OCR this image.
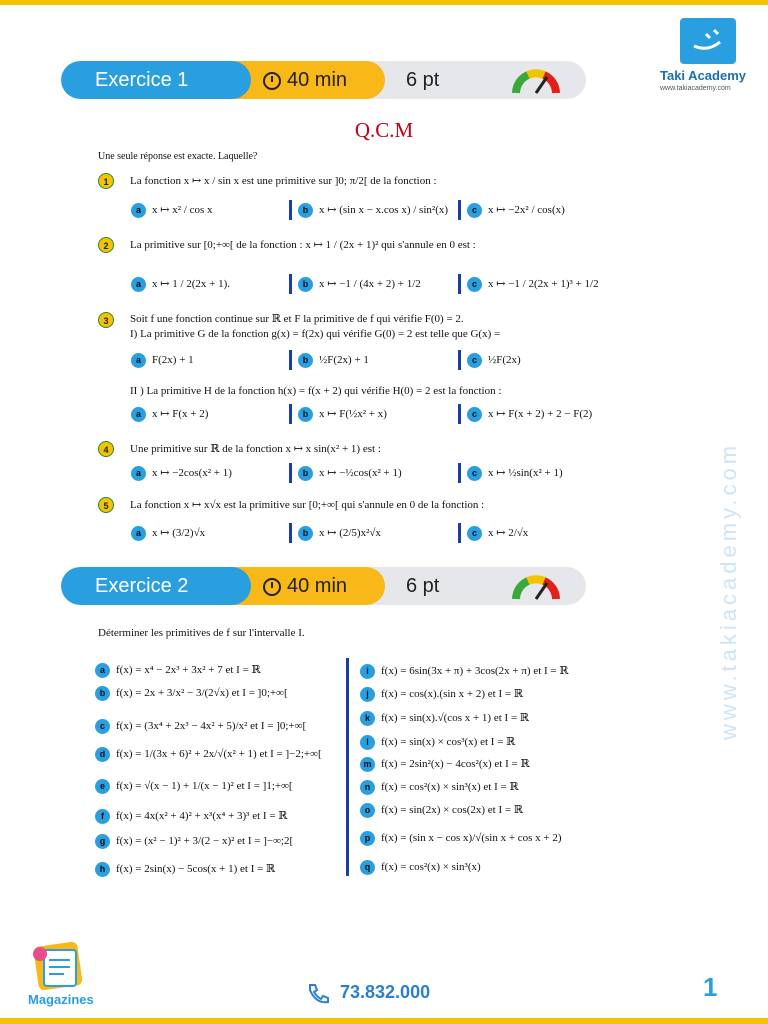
Taki Academy
www.takiacademy.com
Exercice 1	40 min	6 pt
Q.C.M
Une seule réponse est exacte. Laquelle?
1	La fonction x ↦ x / sin x est une primitive sur ]0; π/2[ de la fonction :
a x ↦ x² / cos x	b x ↦ (sin x − x.cos x) / sin²(x)	c x ↦ −2x² / cos(x)
2	La primitive sur [0;+∞[ de la fonction : x ↦ 1 / (2x + 1)² qui s'annule en 0 est :
a x ↦ 1 / 2(2x + 1).	b x ↦ −1 / (4x + 2) + 1/2	c x ↦ −1 / 2(2x + 1)³ + 1/2
3	Soit f une fonction continue sur ℝ et F la primitive de f qui vérifie F(0) = 2.
I) La primitive G de la fonction g(x) = f(2x) qui vérifie G(0) = 2 est telle que G(x) =
a F(2x) + 1	b ½F(2x) + 1	c ½F(2x)
II ) La primitive H de la fonction h(x) = f(x + 2) qui vérifie H(0) = 2 est la fonction :
a x ↦ F(x + 2)	b x ↦ F(½x² + x)	c x ↦ F(x + 2) + 2 − F(2)
4	Une primitive sur ℝ de la fonction x ↦ x sin(x² + 1) est :
a x ↦ −2cos(x² + 1)	b x ↦ −½cos(x² + 1)	c x ↦ ½sin(x² + 1)
5	La fonction x ↦ x√x est la primitive sur [0;+∞[ qui s'annule en 0 de la fonction :
a x ↦ (3/2)√x	b x ↦ (2/5)x²√x	c x ↦ 2/√x
Exercice 2	40 min	6 pt
Déterminer les primitives de f sur l'intervalle I.
a f(x) = x⁴ − 2x³ + 3x² + 7 et I = ℝ
b f(x) = 2x + 3/x² − 3/(2√x) et I = ]0;+∞[
c f(x) = (3x⁴ + 2x³ − 4x² + 5)/x² et I = ]0;+∞[
d f(x) = 1/(3x + 6)² + 2x/√(x² + 1) et I = ]−2;+∞[
e f(x) = √(x − 1) + 1/(x − 1)² et I = ]1;+∞[
f f(x) = 4x(x² + 4)² + x³(x⁴ + 3)³ et I = ℝ
g f(x) = (x² − 1)² + 3/(2 − x)² et I = ]−∞;2[
h f(x) = 2sin(x) − 5cos(x + 1) et I = ℝ
i f(x) = 6sin(3x + π) + 3cos(2x + π) et I = ℝ
j f(x) = cos(x).(sin x + 2) et I = ℝ
k f(x) = sin(x).√(cos x + 1) et I = ℝ
l f(x) = sin(x) × cos³(x) et I = ℝ
m f(x) = 2sin²(x) − 4cos²(x) et I = ℝ
n f(x) = cos²(x) × sin³(x) et I = ℝ
o f(x) = sin(2x) × cos(2x) et I = ℝ
p f(x) = (sin x − cos x)/√(sin x + cos x + 2)
q f(x) = cos²(x) × sin³(x)
www.takiacademy.com
Magazines	73.832.000	1
